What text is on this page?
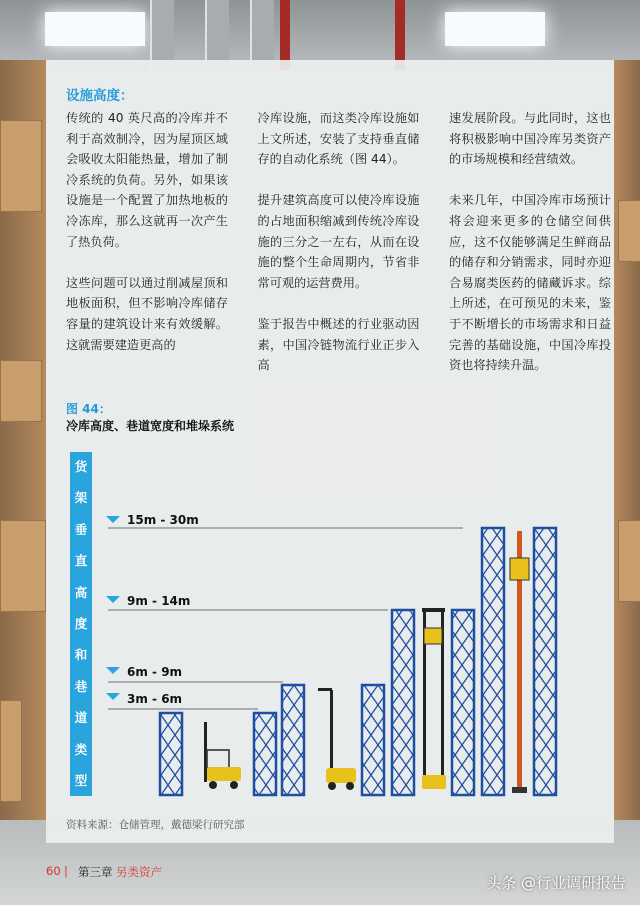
设施高度：

传统的 40 英尺高的冷库并不利于高效制冷，因为屋顶区域会吸收太阳能热量，增加了制冷系统的负荷。另外，如果该设施是一个配置了加热地板的冷冻库，那么这就再一次产生了热负荷。

这些问题可以通过削减屋顶和地板面积，但不影响冷库储存容量的建筑设计来有效缓解。这就需要建造更高的

冷库设施，而这类冷库设施如上文所述，安装了支持垂直储存的自动化系统（图 44）。

提升建筑高度可以使冷库设施的占地面积缩减到传统冷库设施的三分之一左右，从而在设施的整个生命周期内，节省非常可观的运营费用。

鉴于报告中概述的行业驱动因素，中国冷链物流行业正步入高

速发展阶段。与此同时，这也将积极影响中国冷库另类资产的市场规模和经营绩效。

未来几年，中国冷库市场预计将会迎来更多的仓储空间供应，这不仅能够满足生鲜商品的储存和分销需求，同时亦迎合易腐类医药的储藏诉求。综上所述，在可预见的未来，鉴于不断增长的市场需求和日益完善的基础设施，中国冷库投资也将持续升温。

图 44：
冷库高度、巷道宽度和堆垛系统
货
架
垂
直
高
度
和
巷
道
类
型
15m - 30m
9m - 14m
6m - 9m
3m - 6m
资料来源：仓储管理，戴德梁行研究部
60 | 第三章 另类资产
头条 @行业调研报告
